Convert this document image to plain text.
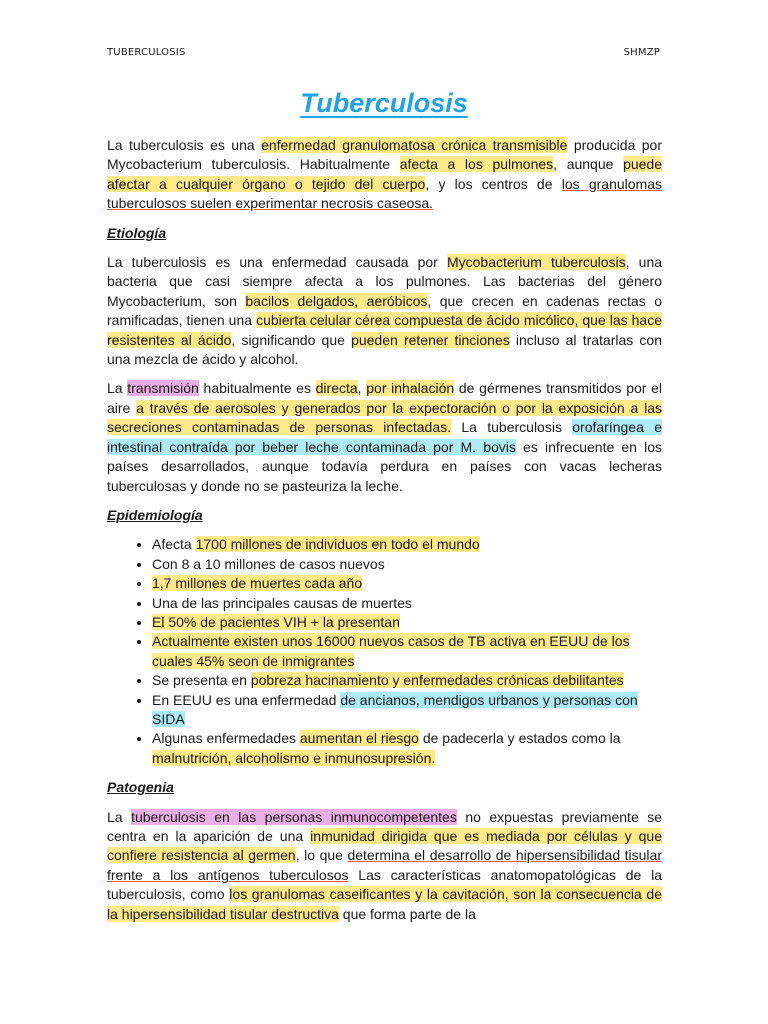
TUBERCULOSIS	SHMZP
Tuberculosis

La tuberculosis es una enfermedad granulomatosa crónica transmisible producida por Mycobacterium tuberculosis. Habitualmente afecta a los pulmones, aunque puede afectar a cualquier órgano o tejido del cuerpo, y los centros de los granulomas tuberculosos suelen experimentar necrosis caseosa.

Etiología

La tuberculosis es una enfermedad causada por Mycobacterium tuberculosis, una bacteria que casi siempre afecta a los pulmones. Las bacterias del género Mycobacterium, son bacilos delgados, aeróbicos, que crecen en cadenas rectas o ramificadas, tienen una cubierta celular cérea compuesta de ácido micólico, que las hace resistentes al ácido, significando que pueden retener tinciones incluso al tratarlas con una mezcla de ácido y alcohol.

La transmisión habitualmente es directa, por inhalación de gérmenes transmitidos por el aire a través de aerosoles y generados por la expectoración o por la exposición a las secreciones contaminadas de personas infectadas. La tuberculosis orofaríngea e intestinal contraída por beber leche contaminada por M. bovis es infrecuente en los países desarrollados, aunque todavía perdura en países con vacas lecheras tuberculosas y donde no se pasteuriza la leche.

Epidemiología
• Afecta 1700 millones de individuos en todo el mundo
• Con 8 a 10 millones de casos nuevos
• 1,7 millones de muertes cada año
• Una de las principales causas de muertes
• El 50% de pacientes VIH + la presentan
• Actualmente existen unos 16000 nuevos casos de TB activa en EEUU de los cuales 45% seon de inmigrantes
• Se presenta en pobreza hacinamiento y enfermedades crónicas debilitantes
• En EEUU es una enfermedad de ancianos, mendigos urbanos y personas con SIDA
• Algunas enfermedades aumentan el riesgo de padecerla y estados como la malnutrición, alcoholismo e inmunosupresión.
Patogenia

La tuberculosis en las personas inmunocompetentes no expuestas previamente se centra en la aparición de una inmunidad dirigida que es mediada por células y que confiere resistencia al germen, lo que determina el desarrollo de hipersensibilidad tisular frente a los antígenos tuberculosos Las características anatomopatológicas de la tuberculosis, como los granulomas caseificantes y la cavitación, son la consecuencia de la hipersensibilidad tisular destructiva que forma parte de la
